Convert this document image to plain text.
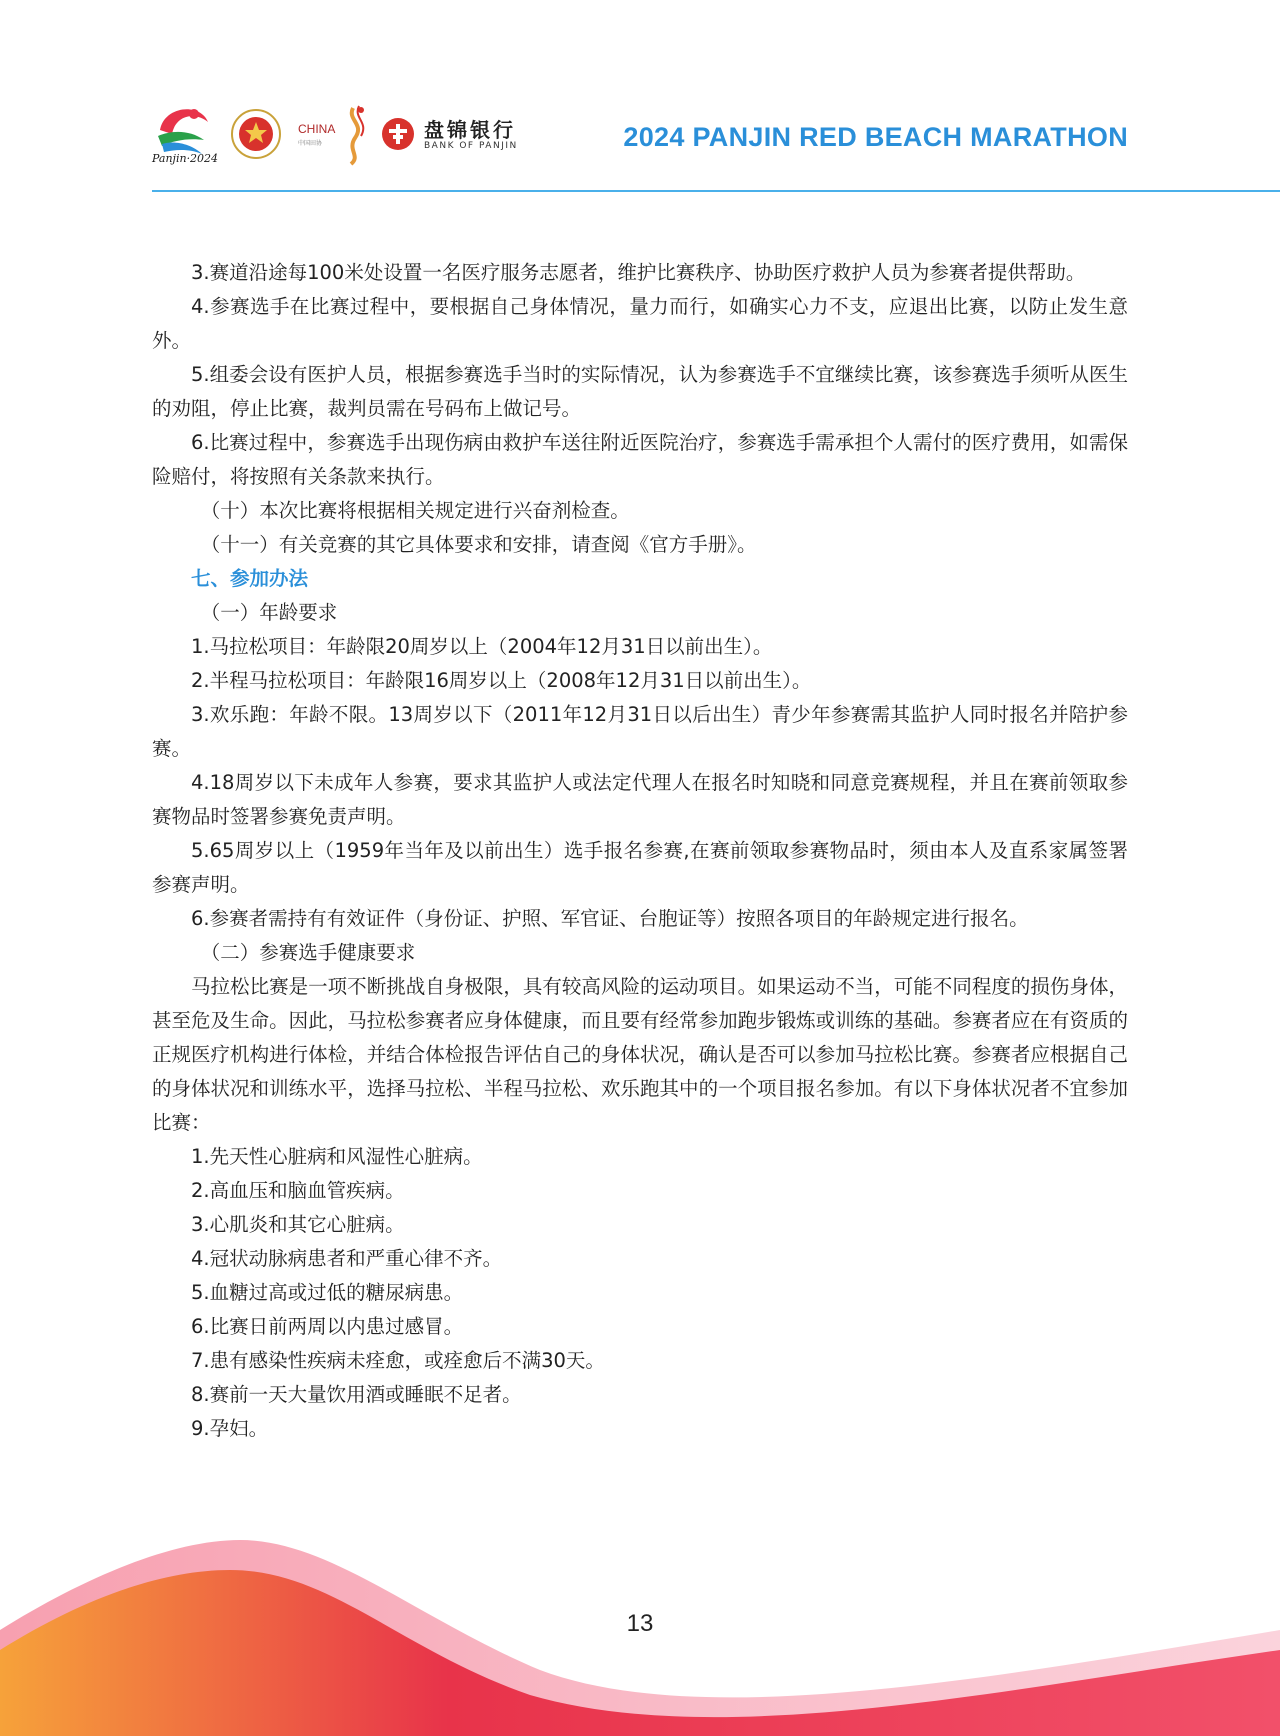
Panjin·2024
CHINA
中国田协
盘锦银行
BANK OF PANJIN	2024 PANJIN RED BEACH MARATHON

3.赛道沿途每100米处设置一名医疗服务志愿者，维护比赛秩序、协助医疗救护人员为参赛者提供帮助。

4.参赛选手在比赛过程中，要根据自己身体情况，量力而行，如确实心力不支，应退出比赛，以防止发生意外。

5.组委会设有医护人员，根据参赛选手当时的实际情况，认为参赛选手不宜继续比赛，该参赛选手须听从医生的劝阻，停止比赛，裁判员需在号码布上做记号。

6.比赛过程中，参赛选手出现伤病由救护车送往附近医院治疗，参赛选手需承担个人需付的医疗费用，如需保险赔付，将按照有关条款来执行。

（十）本次比赛将根据相关规定进行兴奋剂检查。

（十一）有关竞赛的其它具体要求和安排，请查阅《官方手册》。

七、参加办法

（一）年龄要求

1.马拉松项目：年龄限20周岁以上（2004年12月31日以前出生）。

2.半程马拉松项目：年龄限16周岁以上（2008年12月31日以前出生）。

3.欢乐跑：年龄不限。13周岁以下（2011年12月31日以后出生）青少年参赛需其监护人同时报名并陪护参赛。

4.18周岁以下未成年人参赛，要求其监护人或法定代理人在报名时知晓和同意竞赛规程，并且在赛前领取参赛物品时签署参赛免责声明。

5.65周岁以上（1959年当年及以前出生）选手报名参赛,在赛前领取参赛物品时，须由本人及直系家属签署参赛声明。

6.参赛者需持有有效证件（身份证、护照、军官证、台胞证等）按照各项目的年龄规定进行报名。

（二）参赛选手健康要求

马拉松比赛是一项不断挑战自身极限，具有较高风险的运动项目。如果运动不当，可能不同程度的损伤身体，甚至危及生命。因此，马拉松参赛者应身体健康，而且要有经常参加跑步锻炼或训练的基础。参赛者应在有资质的正规医疗机构进行体检，并结合体检报告评估自己的身体状况，确认是否可以参加马拉松比赛。参赛者应根据自己的身体状况和训练水平，选择马拉松、半程马拉松、欢乐跑其中的一个项目报名参加。有以下身体状况者不宜参加比赛：

1.先天性心脏病和风湿性心脏病。

2.高血压和脑血管疾病。

3.心肌炎和其它心脏病。

4.冠状动脉病患者和严重心律不齐。

5.血糖过高或过低的糖尿病患。

6.比赛日前两周以内患过感冒。

7.患有感染性疾病未痊愈，或痊愈后不满30天。

8.赛前一天大量饮用酒或睡眠不足者。

9.孕妇。

13
